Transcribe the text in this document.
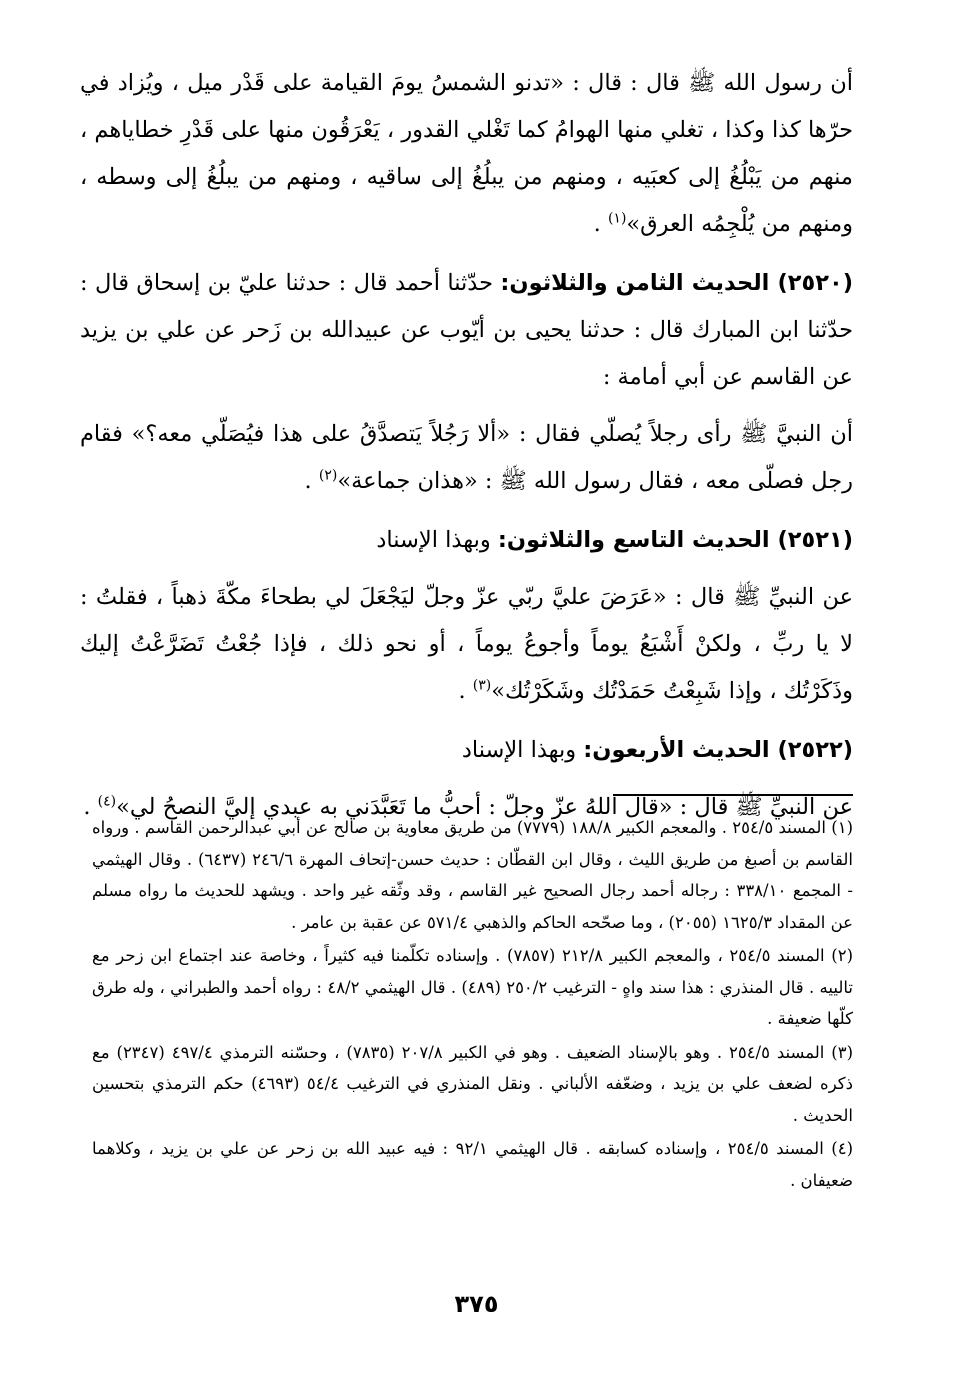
أن رسول الله ﷺ قال : قال : «تدنو الشمسُ يومَ القيامة على قَدْر ميل ، ويُزاد في حرّها كذا وكذا ، تغلي منها الهوامُ كما تَغْلي القدور ، يَعْرَقُون منها على قَدْرِ خطاياهم ، منهم من يَبْلُغُ إلى كعبَيه ، ومنهم من يبلُغُ إلى ساقيه ، ومنهم من يبلُغُ إلى وسطه ، ومنهم من يُلْجِمُه العرق»$^{(١)}$ .

(٢٥٢٠) الحديث الثامن والثلاثون: حدّثنا أحمد قال : حدثنا عليّ بن إسحاق قال : حدّثنا ابن المبارك قال : حدثنا يحيى بن أيّوب عن عبيدالله بن زَحر عن علي بن يزيد عن القاسم عن أبي أمامة :

أن النبيَّ ﷺ رأى رجلاً يُصلّي فقال : «ألا رَجُلاً يَتصدَّقُ على هذا فيُصَلّي معه؟» فقام رجل فصلّى معه ، فقال رسول الله ﷺ : «هذان جماعة»$^{(٢)}$ .

(٢٥٢١) الحديث التاسع والثلاثون: وبهذا الإسناد

عن النبيِّ ﷺ قال : «عَرَضَ عليَّ ربّي عزّ وجلّ ليَجْعَلَ لي بطحاءَ مكّةَ ذهباً ، فقلتُ : لا يا ربِّ ، ولكنْ أَشْبَعُ يوماً وأجوعُ يوماً ، أو نحو ذلك ، فإذا جُعْتُ تَضَرَّعْتُ إليك وذَكَرْتُك ، وإذا شَبِعْتُ حَمَدْتُك وشَكَرْتُك»$^{(٣)}$ .

(٢٥٢٢) الحديث الأربعون: وبهذا الإسناد

عن النبيِّ ﷺ قال : «قال اللهُ عزّ وجلّ : أحبُّ ما تَعَبَّدَني به عبدي إليَّ النصحُ لي»$^{(٤)}$ .

(١) المسند ٢٥٤/٥ . والمعجم الكبير ١٨٨/٨ (٧٧٧٩) من طريق معاوية بن صالح عن أبي عبدالرحمن القاسم . ورواه القاسم بن أصبغ من طريق الليث ، وقال ابن القطّان : حديث حسن-إتحاف المهرة ٢٤٦/٦ (٦٤٣٧) . وقال الهيثمي - المجمع ٣٣٨/١٠ : رجاله أحمد رجال الصحيح غير القاسم ، وقد وثّقه غير واحد . ويشهد للحديث ما رواه مسلم عن المقداد ١٦٢٥/٣ (٢٠٥٥) ، وما صحّحه الحاكم والذهبي ٥٧١/٤ عن عقبة بن عامر .

(٢) المسند ٢٥٤/٥ ، والمعجم الكبير ٢١٢/٨ (٧٨٥٧) . وإسناده تكلّمنا فيه كثيراً ، وخاصة عند اجتماع ابن زحر مع تالييه . قال المنذري : هذا سند واهٍ - الترغيب ٢٥٠/٢ (٤٨٩) . قال الهيثمي ٤٨/٢ : رواه أحمد والطبراني ، وله طرق كلّها ضعيفة .

(٣) المسند ٢٥٤/٥ . وهو بالإسناد الضعيف . وهو في الكبير ٢٠٧/٨ (٧٨٣٥) ، وحسّنه الترمذي ٤٩٧/٤ (٢٣٤٧) مع ذكره لضعف علي بن يزيد ، وضعّفه الألباني . ونقل المنذري في الترغيب ٥٤/٤ (٤٦٩٣) حكم الترمذي بتحسين الحديث .

(٤) المسند ٢٥٤/٥ ، وإسناده كسابقه . قال الهيثمي ٩٢/١ : فيه عبيد الله بن زحر عن علي بن يزيد ، وكلاهما ضعيفان .

٣٧٥
